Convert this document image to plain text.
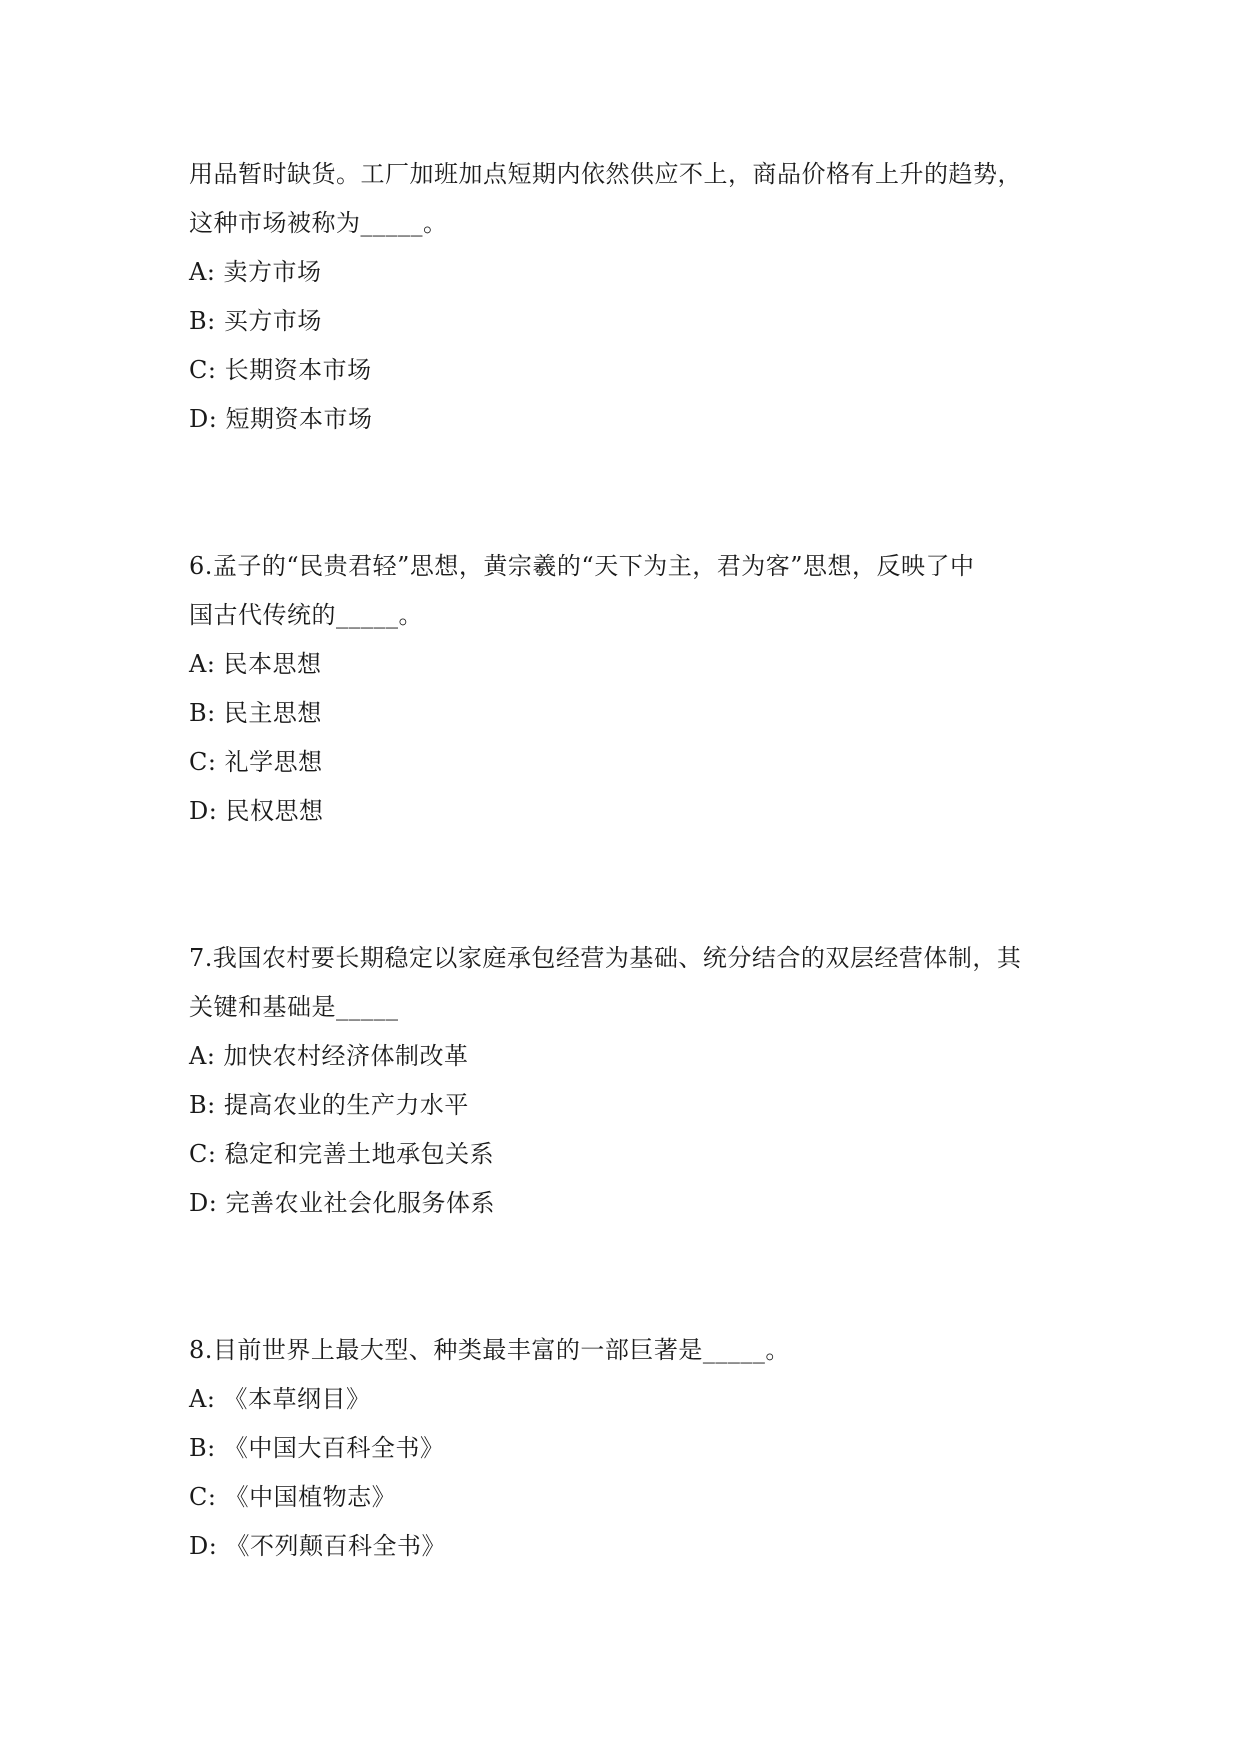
用品暂时缺货。工厂加班加点短期内依然供应不上，商品价格有上升的趋势，
这种市场被称为_____。
A: 卖方市场
B: 买方市场
C: 长期资本市场
D: 短期资本市场
6.孟子的“民贵君轻”思想，黄宗羲的“天下为主，君为客”思想，反映了中
国古代传统的_____。
A: 民本思想
B: 民主思想
C: 礼学思想
D: 民权思想
7.我国农村要长期稳定以家庭承包经营为基础、统分结合的双层经营体制，其
关键和基础是_____
A: 加快农村经济体制改革
B: 提高农业的生产力水平
C: 稳定和完善土地承包关系
D: 完善农业社会化服务体系
8.目前世界上最大型、种类最丰富的一部巨著是_____。
A: 《本草纲目》
B: 《中国大百科全书》
C: 《中国植物志》
D: 《不列颠百科全书》
